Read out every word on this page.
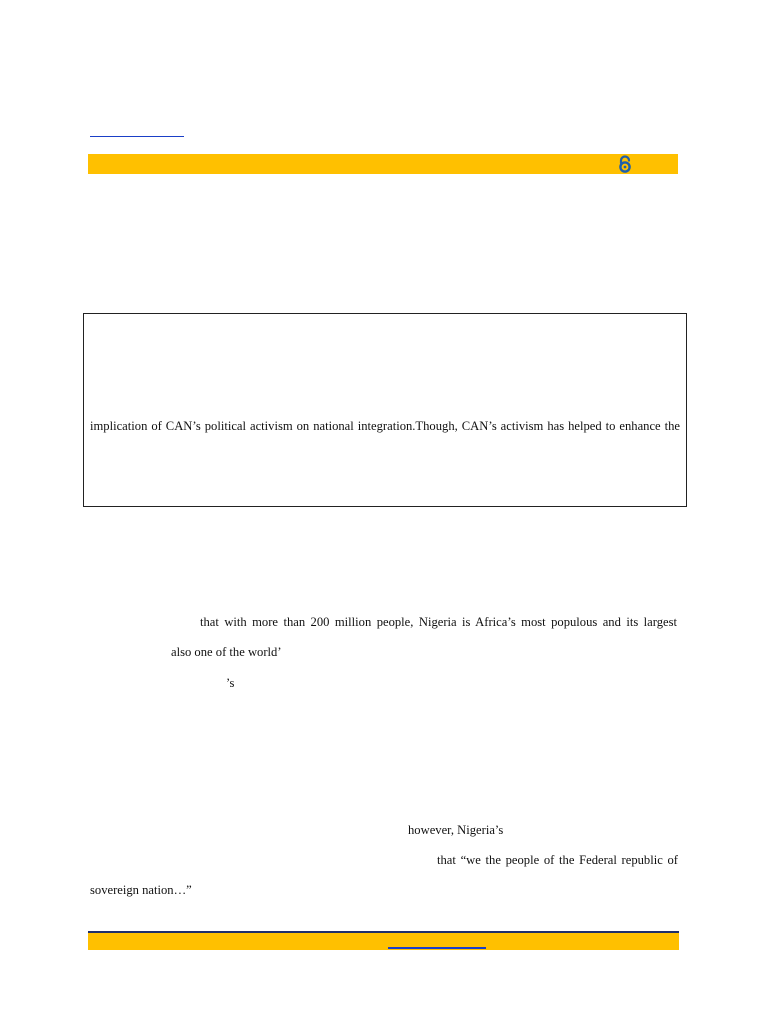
implication of CAN’s political activism on national integration.Though, CAN’s activism has helped to enhance the
that with more than 200 million people, Nigeria is Africa’s most populous and its largest
also one of the world’
’s
however, Nigeria’s
that “we the people of the Federal republic of
sovereign nation…”
